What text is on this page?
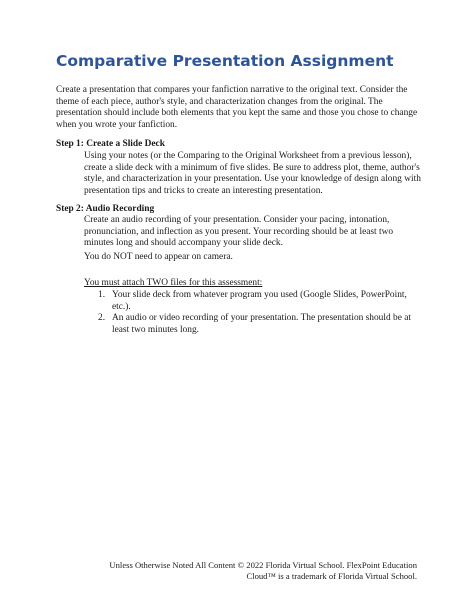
Comparative Presentation Assignment

Create a presentation that compares your fanfiction narrative to the original text. Consider the theme of each piece, author's style, and characterization changes from the original. The presentation should include both elements that you kept the same and those you chose to change when you wrote your fanfiction.

Step 1: Create a Slide Deck

Using your notes (or the Comparing to the Original Worksheet from a previous lesson), create a slide deck with a minimum of five slides. Be sure to address plot, theme, author's style, and characterization in your presentation. Use your knowledge of design along with presentation tips and tricks to create an interesting presentation.

Step 2: Audio Recording

Create an audio recording of your presentation. Consider your pacing, intonation, pronunciation, and inflection as you present. Your recording should be at least two minutes long and should accompany your slide deck.

You do NOT need to appear on camera.

You must attach TWO files for this assessment:

1. Your slide deck from whatever program you used (Google Slides, PowerPoint, etc.).
2. An audio or video recording of your presentation. The presentation should be at least two minutes long.

Unless Otherwise Noted All Content © 2022 Florida Virtual School. FlexPoint Education
Cloud™ is a trademark of Florida Virtual School.
